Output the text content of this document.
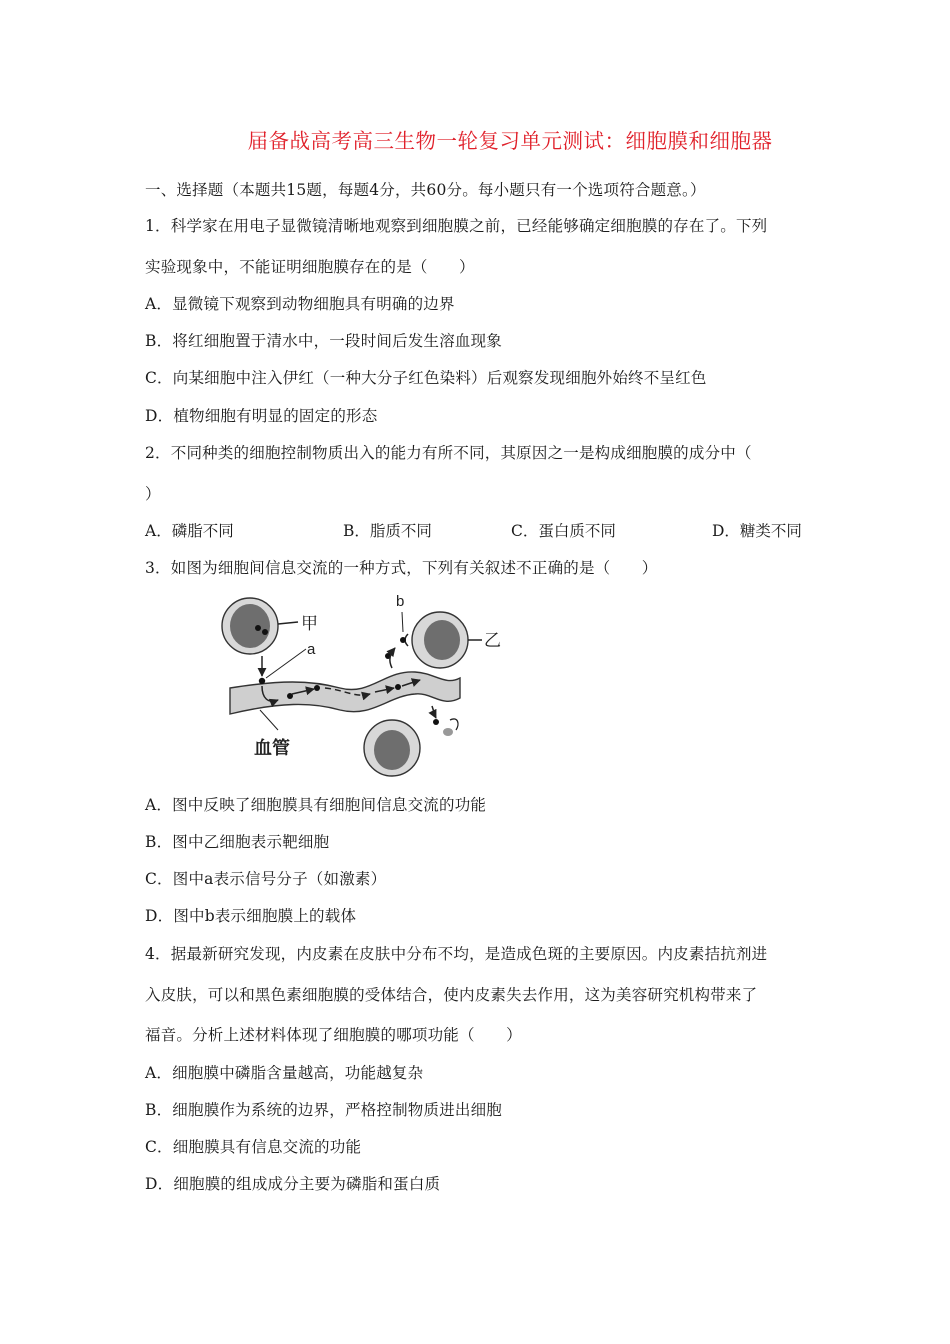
届备战高考高三生物一轮复习单元测试：细胞膜和细胞器
一、选择题（本题共15题，每题4分，共60分。每小题只有一个选项符合题意。）
1．科学家在用电子显微镜清晰地观察到细胞膜之前，已经能够确定细胞膜的存在了。下列
实验现象中，不能证明细胞膜存在的是（　　）
A．显微镜下观察到动物细胞具有明确的边界
B．将红细胞置于清水中，一段时间后发生溶血现象
C．向某细胞中注入伊红（一种大分子红色染料）后观察发现细胞外始终不呈红色
D．植物细胞有明显的固定的形态
2．不同种类的细胞控制物质出入的能力有所不同，其原因之一是构成细胞膜的成分中（
）
A．磷脂不同	B．脂质不同	C．蛋白质不同	D．糖类不同
3．如图为细胞间信息交流的一种方式，下列有关叙述不正确的是（　　）
甲
a
b
乙
血管
A．图中反映了细胞膜具有细胞间信息交流的功能
B．图中乙细胞表示靶细胞
C．图中a表示信号分子（如激素）
D．图中b表示细胞膜上的载体
4．据最新研究发现，内皮素在皮肤中分布不均，是造成色斑的主要原因。内皮素拮抗剂进
入皮肤，可以和黑色素细胞膜的受体结合，使内皮素失去作用，这为美容研究机构带来了
福音。分析上述材料体现了细胞膜的哪项功能（　　）
A．细胞膜中磷脂含量越高，功能越复杂
B．细胞膜作为系统的边界，严格控制物质进出细胞
C．细胞膜具有信息交流的功能
D．细胞膜的组成成分主要为磷脂和蛋白质
